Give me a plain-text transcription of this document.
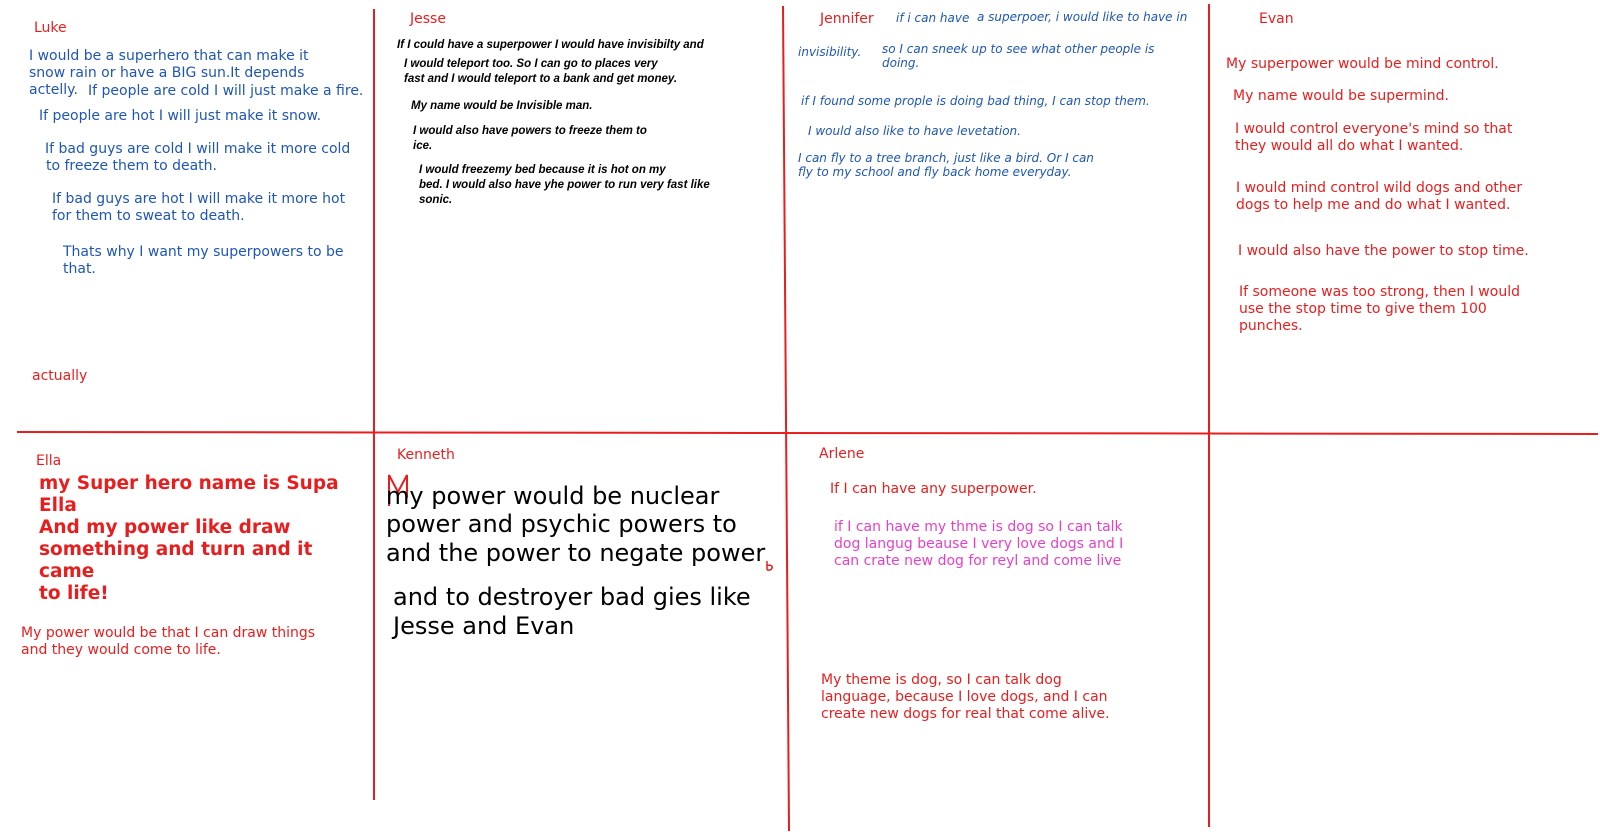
Luke

I would be a superhero that can make it

snow rain or have a BIG sun.It depends

actelly. If people are cold I will just make a fire.

If people are hot I will just make it snow.

If bad guys are cold I will make it more cold

to freeze them to death.

If bad guys are hot I will make it more hot

for them to sweat to death.

Thats why I want my superpowers to be

that.

actually

Jesse

If I could have a superpower I would have invisibilty and

I would teleport too. So I can go to places very

fast and I would teleport to a bank and get money.

My name would be Invisible man.

I would also have powers to freeze them to

ice.

I would freezemy bed because it is hot on my

bed. I would also have yhe power to run very fast like

sonic.

Jennifer if i can have a superpoer, i would like to have in

invisibility. so I can sneek up to see what other people is

doing.

if I found some prople is doing bad thing, I can stop them.

I would also like to have levetation.

I can fly to a tree branch, just like a bird. Or I can

fly to my school and fly back home everyday.

Evan

My superpower would be mind control.

My name would be supermind.

I would control everyone's mind so that

they would all do what I wanted.

I would mind control wild dogs and other

dogs to help me and do what I wanted.

I would also have the power to stop time.

If someone was too strong, then I would

use the stop time to give them 100

punches.

Ella

my Super hero name is Supa

Ella

And my power like draw

something and turn and it

came

to life!

My power would be that I can draw things

and they would come to life.

Kenneth

my power would be nuclear

power and psychic powers to

and the power to negate power

and to destroyer bad gies like

Jesse and Evan

Arlene

If I can have any superpower.

if I can have my thme is dog so I can talk

dog langug beause I very love dogs and I

can crate new dog for reyl and come live

My theme is dog, so I can talk dog

language, because I love dogs, and I can

create new dogs for real that come alive.
